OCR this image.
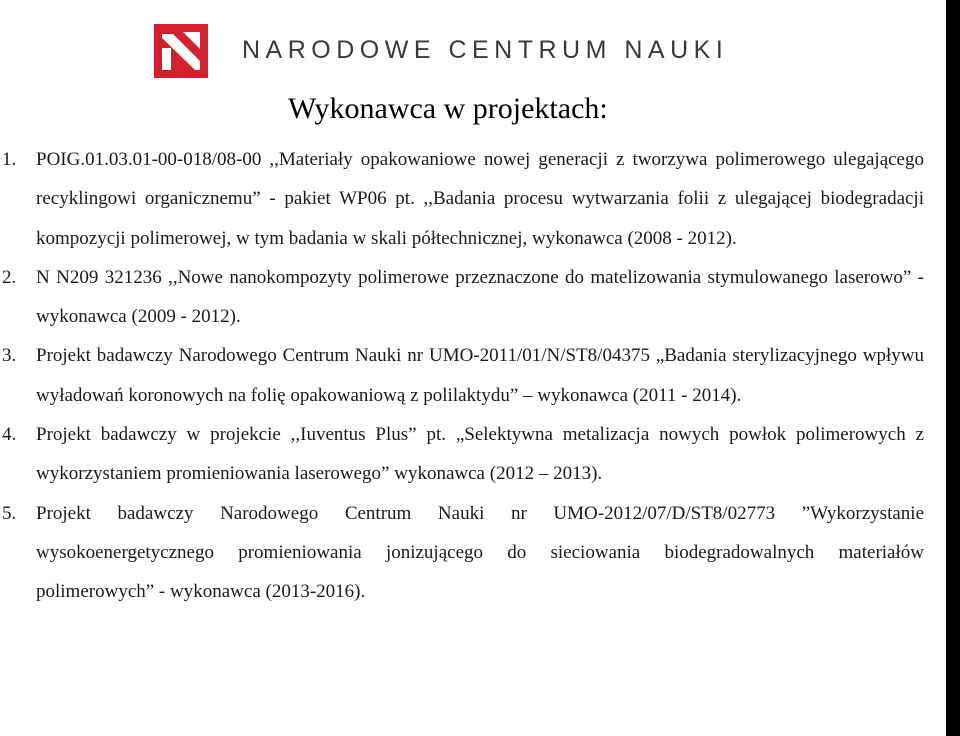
NARODOWE CENTRUM NAUKI
Wykonawca w projektach:
1. POIG.01.03.01-00-018/08-00 ,,Materiały opakowaniowe nowej generacji z tworzywa polimerowego ulegającego recyklingowi organicznemu” - pakiet WP06 pt. ,,Badania procesu wytwarzania folii z ulegającej biodegradacji kompozycji polimerowej, w tym badania w skali półtechnicznej, wykonawca (2008 - 2012).
2. N N209 321236 ,,Nowe nanokompozyty polimerowe przeznaczone do matelizowania stymulowanego laserowo” - wykonawca (2009 - 2012).
3. Projekt badawczy Narodowego Centrum Nauki nr UMO-2011/01/N/ST8/04375 „Badania sterylizacyjnego wpływu wyładowań koronowych na folię opakowaniową z polilaktydu” – wykonawca (2011 - 2014).
4. Projekt badawczy w projekcie ,,Iuventus Plus” pt. „Selektywna metalizacja nowych powłok polimerowych z wykorzystaniem promieniowania laserowego” wykonawca (2012 – 2013).
5. Projekt badawczy Narodowego Centrum Nauki nr UMO-2012/07/D/ST8/02773 ”Wykorzystanie wysokoenergetycznego promieniowania jonizującego do sieciowania biodegradowalnych materiałów polimerowych” - wykonawca (2013-2016).
